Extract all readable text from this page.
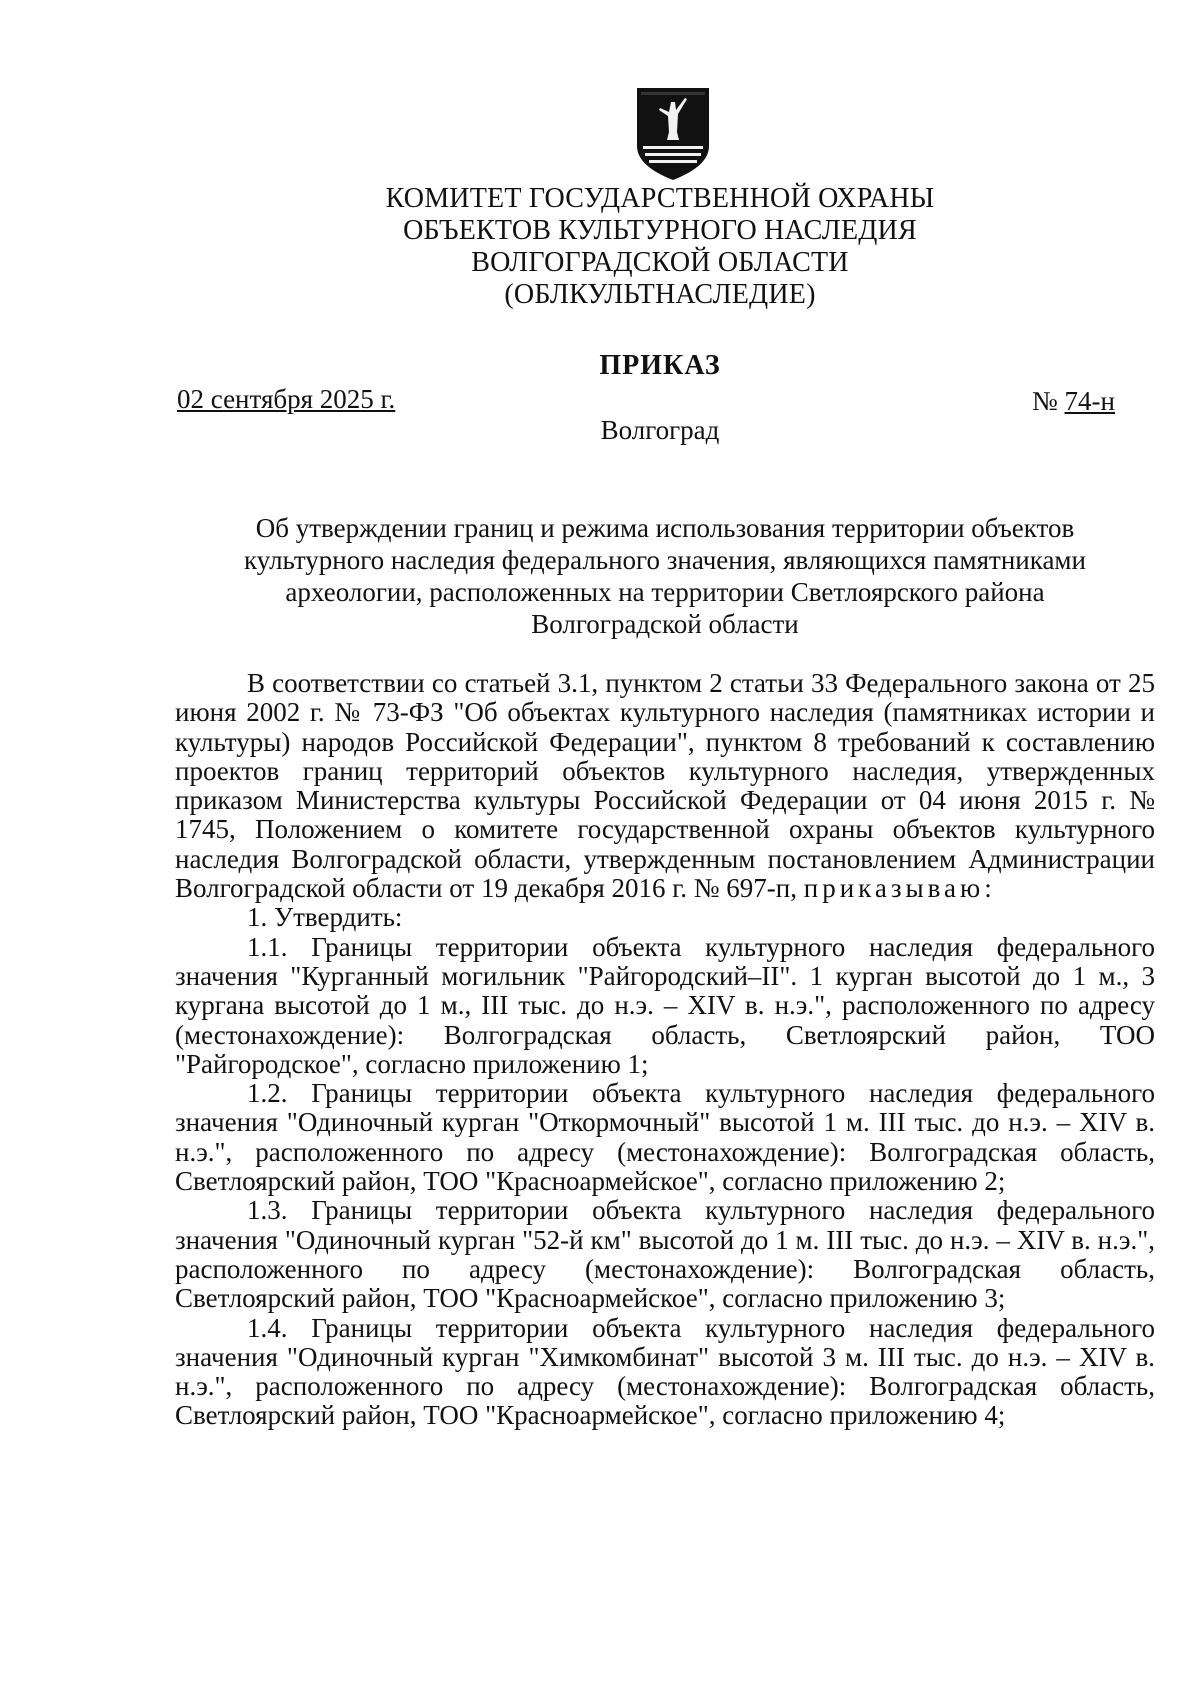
КОМИТЕТ ГОСУДАРСТВЕННОЙ ОХРАНЫ
ОБЪЕКТОВ КУЛЬТУРНОГО НАСЛЕДИЯ
ВОЛГОГРАДСКОЙ ОБЛАСТИ
(ОБЛКУЛЬТНАСЛЕДИЕ)
ПРИКАЗ
02 сентября 2025 г.	№ 74-н
Волгоград
Об утверждении границ и режима использования территории объектов
культурного наследия федерального значения, являющихся памятниками
археологии, расположенных на территории Светлоярского района
Волгоградской области

В соответствии со статьей 3.1, пунктом 2 статьи 33 Федерального закона от 25 июня 2002 г. № 73-ФЗ "Об объектах культурного наследия (памятниках истории и культуры) народов Российской Федерации", пунктом 8 требований к составлению проектов границ территорий объектов культурного наследия, утвержденных приказом Министерства культуры Российской Федерации от 04 июня 2015 г. № 1745, Положением о комитете государственной охраны объектов культурного наследия Волгоградской области, утвержденным постановлением Администрации Волгоградской области от 19 декабря 2016 г. № 697-п, приказываю:

1. Утвердить:

1.1. Границы территории объекта культурного наследия федерального значения "Курганный могильник "Райгородский–II". 1 курган высотой до 1 м., 3 кургана высотой до 1 м., III тыс. до н.э. – XIV в. н.э.", расположенного по адресу (местонахождение): Волгоградская область, Светлоярский район, ТОО "Райгородское", согласно приложению 1;

1.2. Границы территории объекта культурного наследия федерального значения "Одиночный курган "Откормочный" высотой 1 м. III тыс. до н.э. – XIV в. н.э.", расположенного по адресу (местонахождение): Волгоградская область, Светлоярский район, ТОО "Красноармейское", согласно приложению 2;

1.3. Границы территории объекта культурного наследия федерального значения "Одиночный курган "52-й км" высотой до 1 м. III тыс. до н.э. – XIV в. н.э.", расположенного по адресу (местонахождение): Волгоградская область, Светлоярский район, ТОО "Красноармейское", согласно приложению 3;

1.4. Границы территории объекта культурного наследия федерального значения "Одиночный курган "Химкомбинат" высотой 3 м. III тыс. до н.э. – XIV в. н.э.", расположенного по адресу (местонахождение): Волгоградская область, Светлоярский район, ТОО "Красноармейское", согласно приложению 4;
